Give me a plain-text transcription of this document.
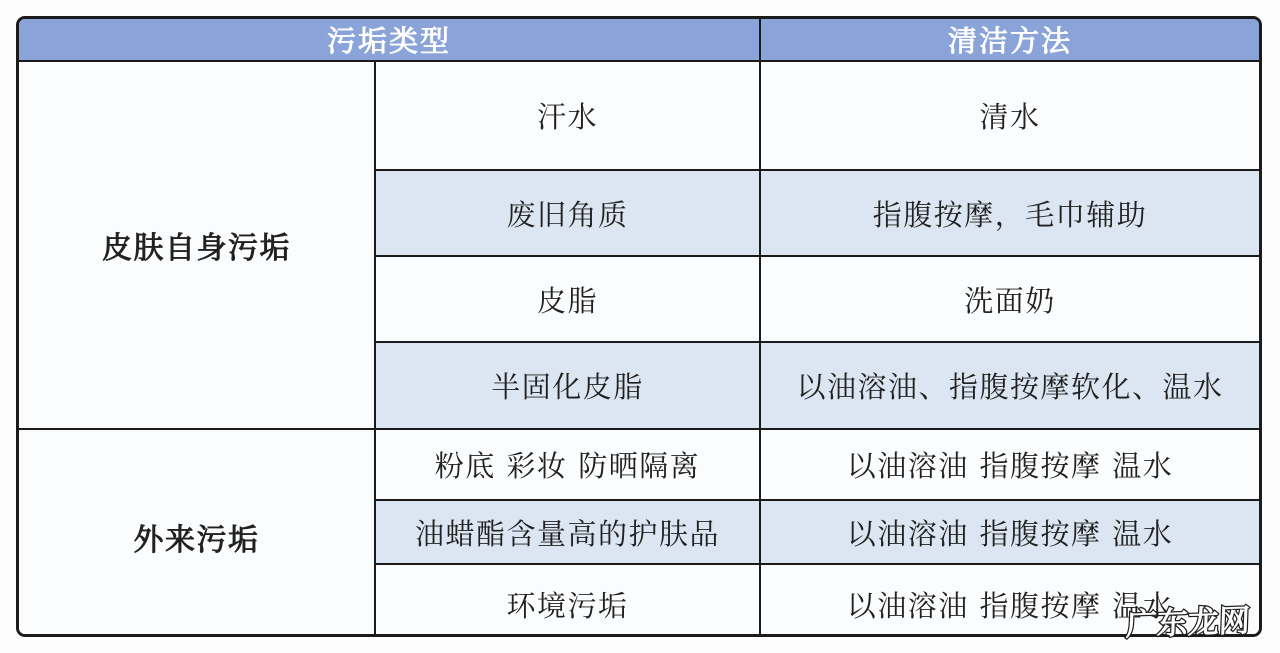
污垢类型		清洁方法
皮肤自身污垢	汗水	清水
	废旧角质	指腹按摩，毛巾辅助
	皮脂	洗面奶
	半固化皮脂	以油溶油、指腹按摩软化、温水
外来污垢	粉底 彩妆 防晒隔离	以油溶油 指腹按摩 温水
	油蜡酯含量高的护肤品	以油溶油 指腹按摩 温水
	环境污垢	以油溶油 指腹按摩 温水
广东龙网
